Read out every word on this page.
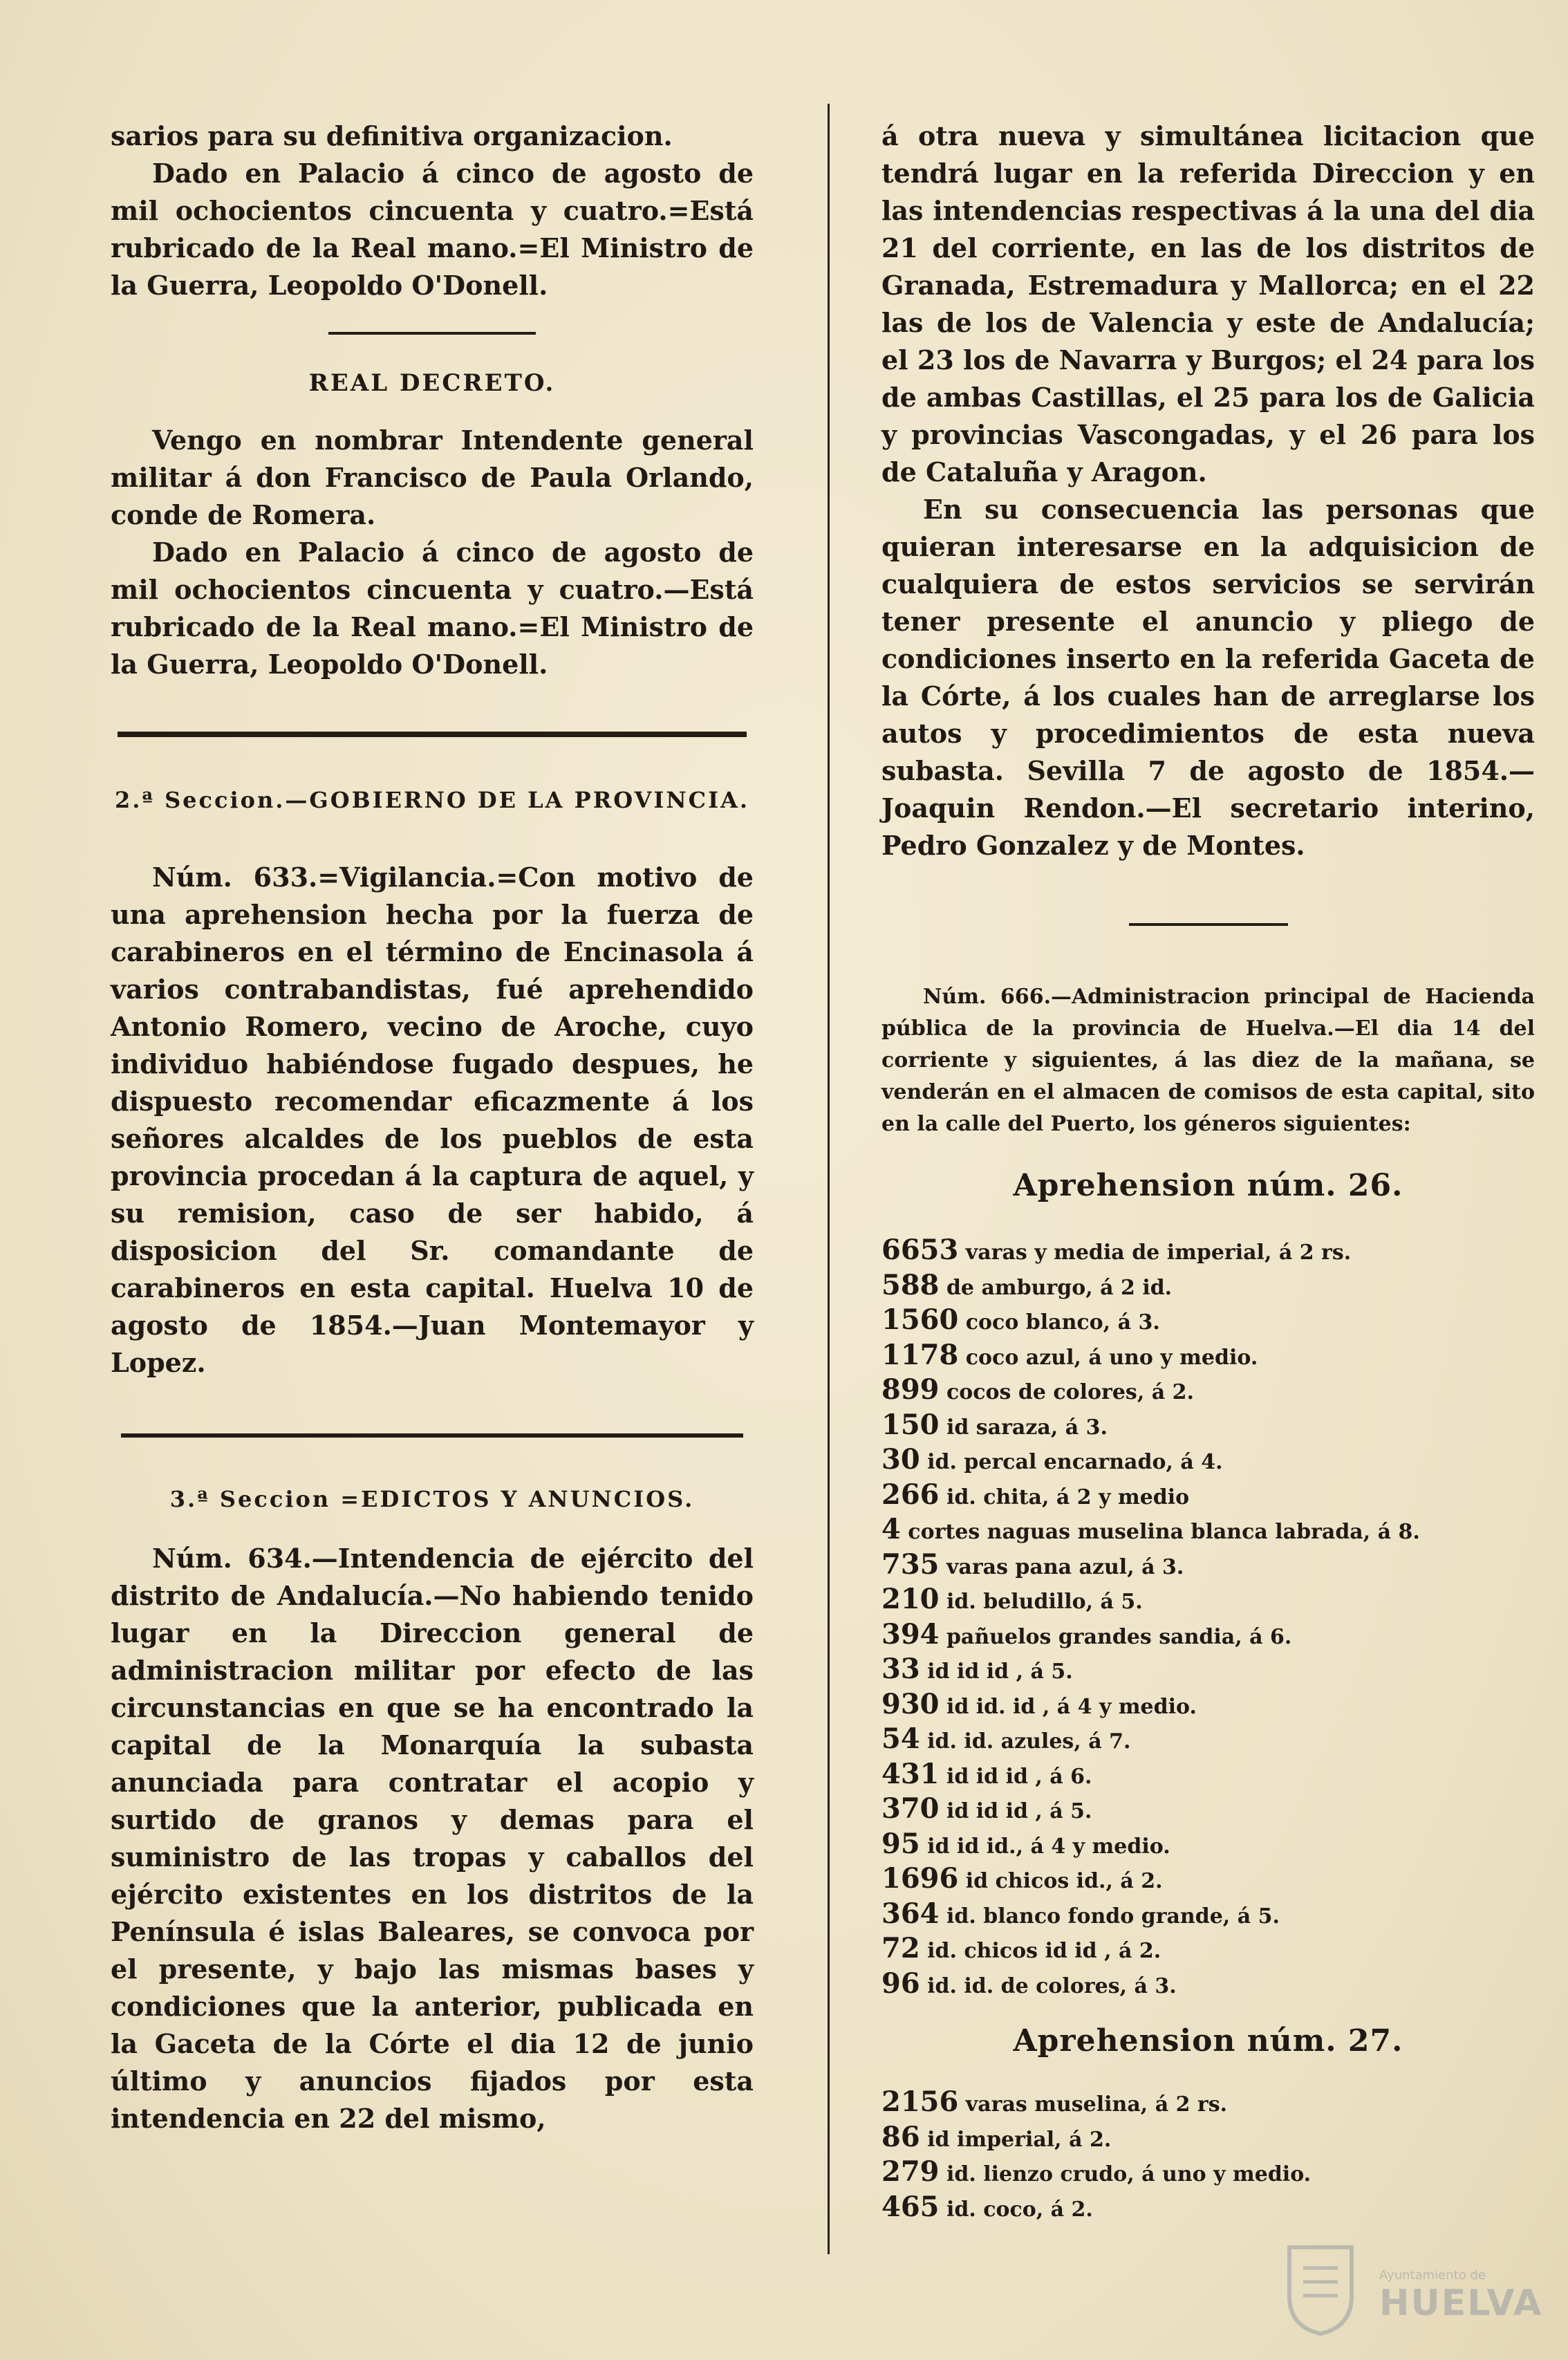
sarios para su definitiva organizacion.

Dado en Palacio á cinco de agosto de mil ochocientos cincuenta y cuatro.=Está rubricado de la Real mano.=El Ministro de la Guerra, Leopoldo O'Donell.

REAL DECRETO.

Vengo en nombrar Intendente general militar á don Francisco de Paula Orlando, conde de Romera.

Dado en Palacio á cinco de agosto de mil ochocientos cincuenta y cuatro.—Está rubricado de la Real mano.=El Ministro de la Guerra, Leopoldo O'Donell.

2.ª Seccion.—GOBIERNO DE LA PROVINCIA.

Núm. 633.=Vigilancia.=Con motivo de una aprehension hecha por la fuerza de carabineros en el término de Encinasola á varios contrabandistas, fué aprehendido Antonio Romero, vecino de Aroche, cuyo individuo habiéndose fugado despues, he dispuesto recomendar eficazmente á los señores alcaldes de los pueblos de esta provincia procedan á la captura de aquel, y su remision, caso de ser habido, á disposicion del Sr. comandante de carabineros en esta capital. Huelva 10 de agosto de 1854.—Juan Montemayor y Lopez.

3.ª Seccion =EDICTOS Y ANUNCIOS.

Núm. 634.—Intendencia de ejército del distrito de Andalucía.—No habiendo tenido lugar en la Direccion general de administracion militar por efecto de las circunstancias en que se ha encontrado la capital de la Monarquía la subasta anunciada para contratar el acopio y surtido de granos y demas para el suministro de las tropas y caballos del ejército existentes en los distritos de la Península é islas Baleares, se convoca por el presente, y bajo las mismas bases y condiciones que la anterior, publicada en la Gaceta de la Córte el dia 12 de junio último y anuncios fijados por esta intendencia en 22 del mismo,

á otra nueva y simultánea licitacion que tendrá lugar en la referida Direccion y en las intendencias respectivas á la una del dia 21 del corriente, en las de los distritos de Granada, Estremadura y Mallorca; en el 22 las de los de Valencia y este de Andalucía; el 23 los de Navarra y Burgos; el 24 para los de ambas Castillas, el 25 para los de Galicia y provincias Vascongadas, y el 26 para los de Cataluña y Aragon.

En su consecuencia las personas que quieran interesarse en la adquisicion de cualquiera de estos servicios se servirán tener presente el anuncio y pliego de condiciones inserto en la referida Gaceta de la Córte, á los cuales han de arreglarse los autos y procedimientos de esta nueva subasta. Sevilla 7 de agosto de 1854.—Joaquin Rendon.—El secretario interino, Pedro Gonzalez y de Montes.

Núm. 666.—Administracion principal de Hacienda pública de la provincia de Huelva.—El dia 14 del corriente y siguientes, á las diez de la mañana, se venderán en el almacen de comisos de esta capital, sito en la calle del Puerto, los géneros siguientes:

Aprehension núm. 26.

6653 varas y media de imperial, á 2 rs.
588 de amburgo, á 2 id.
1560 coco blanco, á 3.
1178 coco azul, á uno y medio.
899 cocos de colores, á 2.
150 id saraza, á 3.
30 id. percal encarnado, á 4.
266 id. chita, á 2 y medio
4 cortes naguas muselina blanca labrada, á 8.
735 varas pana azul, á 3.
210 id. beludillo, á 5.
394 pañuelos grandes sandia, á 6.
33 id id id , á 5.
930 id id. id , á 4 y medio.
54 id. id. azules, á 7.
431 id id id , á 6.
370 id id id , á 5.
95 id id id., á 4 y medio.
1696 id chicos id., á 2.
364 id. blanco fondo grande, á 5.
72 id. chicos id id , á 2.
96 id. id. de colores, á 3.

Aprehension núm. 27.

2156 varas muselina, á 2 rs.
86 id imperial, á 2.
279 id. lienzo crudo, á uno y medio.
465 id. coco, á 2.
Ayuntamiento de
HUELVA
